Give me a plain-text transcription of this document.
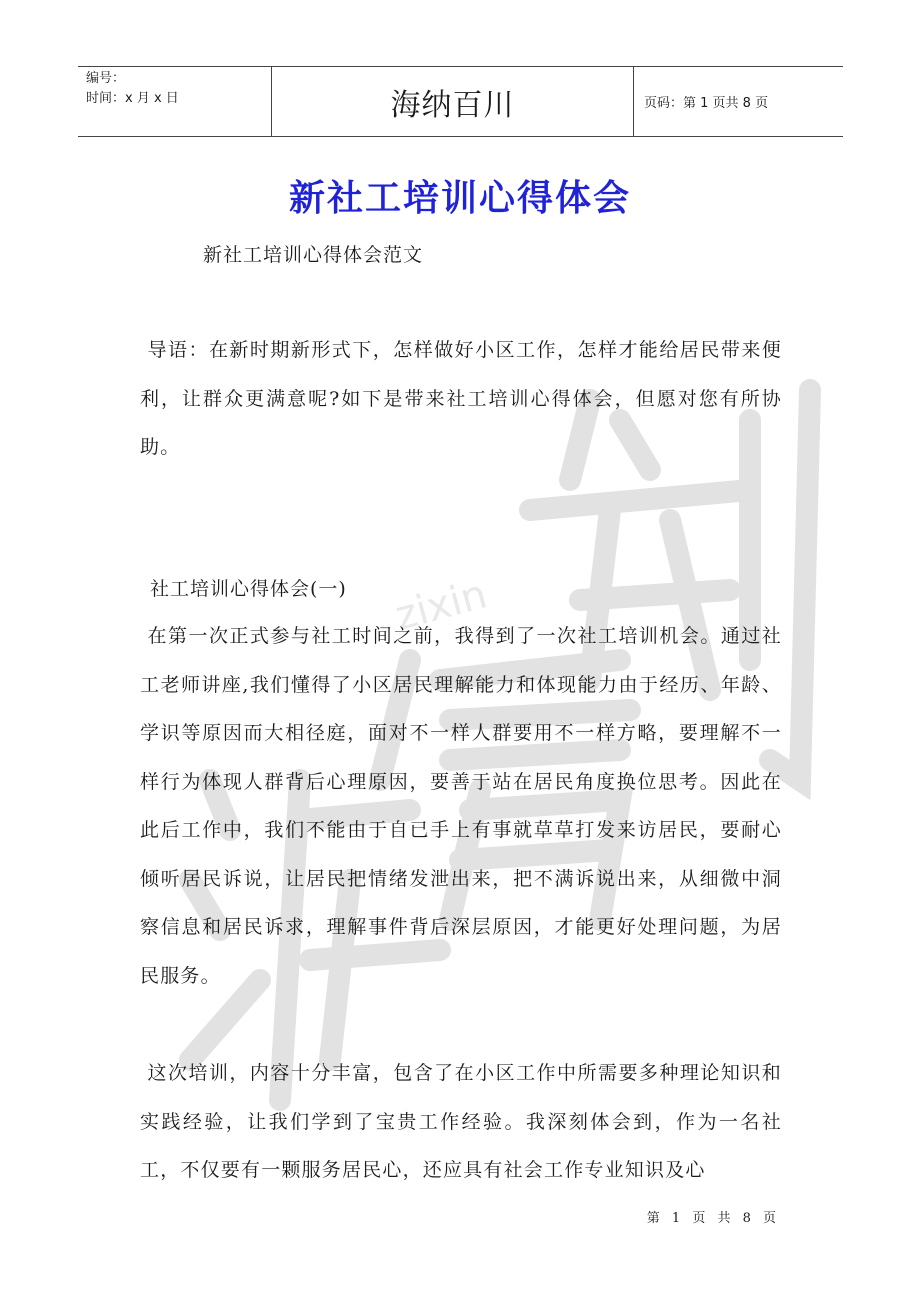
编号：
时间：x 月 x 日	海纳百川	页码：第 1 页共 8 页
zixin
新社工培训心得体会
新社工培训心得体会范文

导语：在新时期新形式下，怎样做好小区工作，怎样才能给居民带来便利，让群众更满意呢?如下是带来社工培训心得体会，但愿对您有所协助。

社工培训心得体会(一)

在第一次正式参与社工时间之前，我得到了一次社工培训机会。通过社工老师讲座,我们懂得了小区居民理解能力和体现能力由于经历、年龄、学识等原因而大相径庭，面对不一样人群要用不一样方略，要理解不一样行为体现人群背后心理原因，要善于站在居民角度换位思考。因此在此后工作中，我们不能由于自已手上有事就草草打发来访居民，要耐心倾听居民诉说，让居民把情绪发泄出来，把不满诉说出来，从细微中洞察信息和居民诉求，理解事件背后深层原因，才能更好处理问题，为居民服务。

这次培训，内容十分丰富，包含了在小区工作中所需要多种理论知识和实践经验，让我们学到了宝贵工作经验。我深刻体会到，作为一名社工，不仅要有一颗服务居民心，还应具有社会工作专业知识及心

第 1 页 共 8 页
